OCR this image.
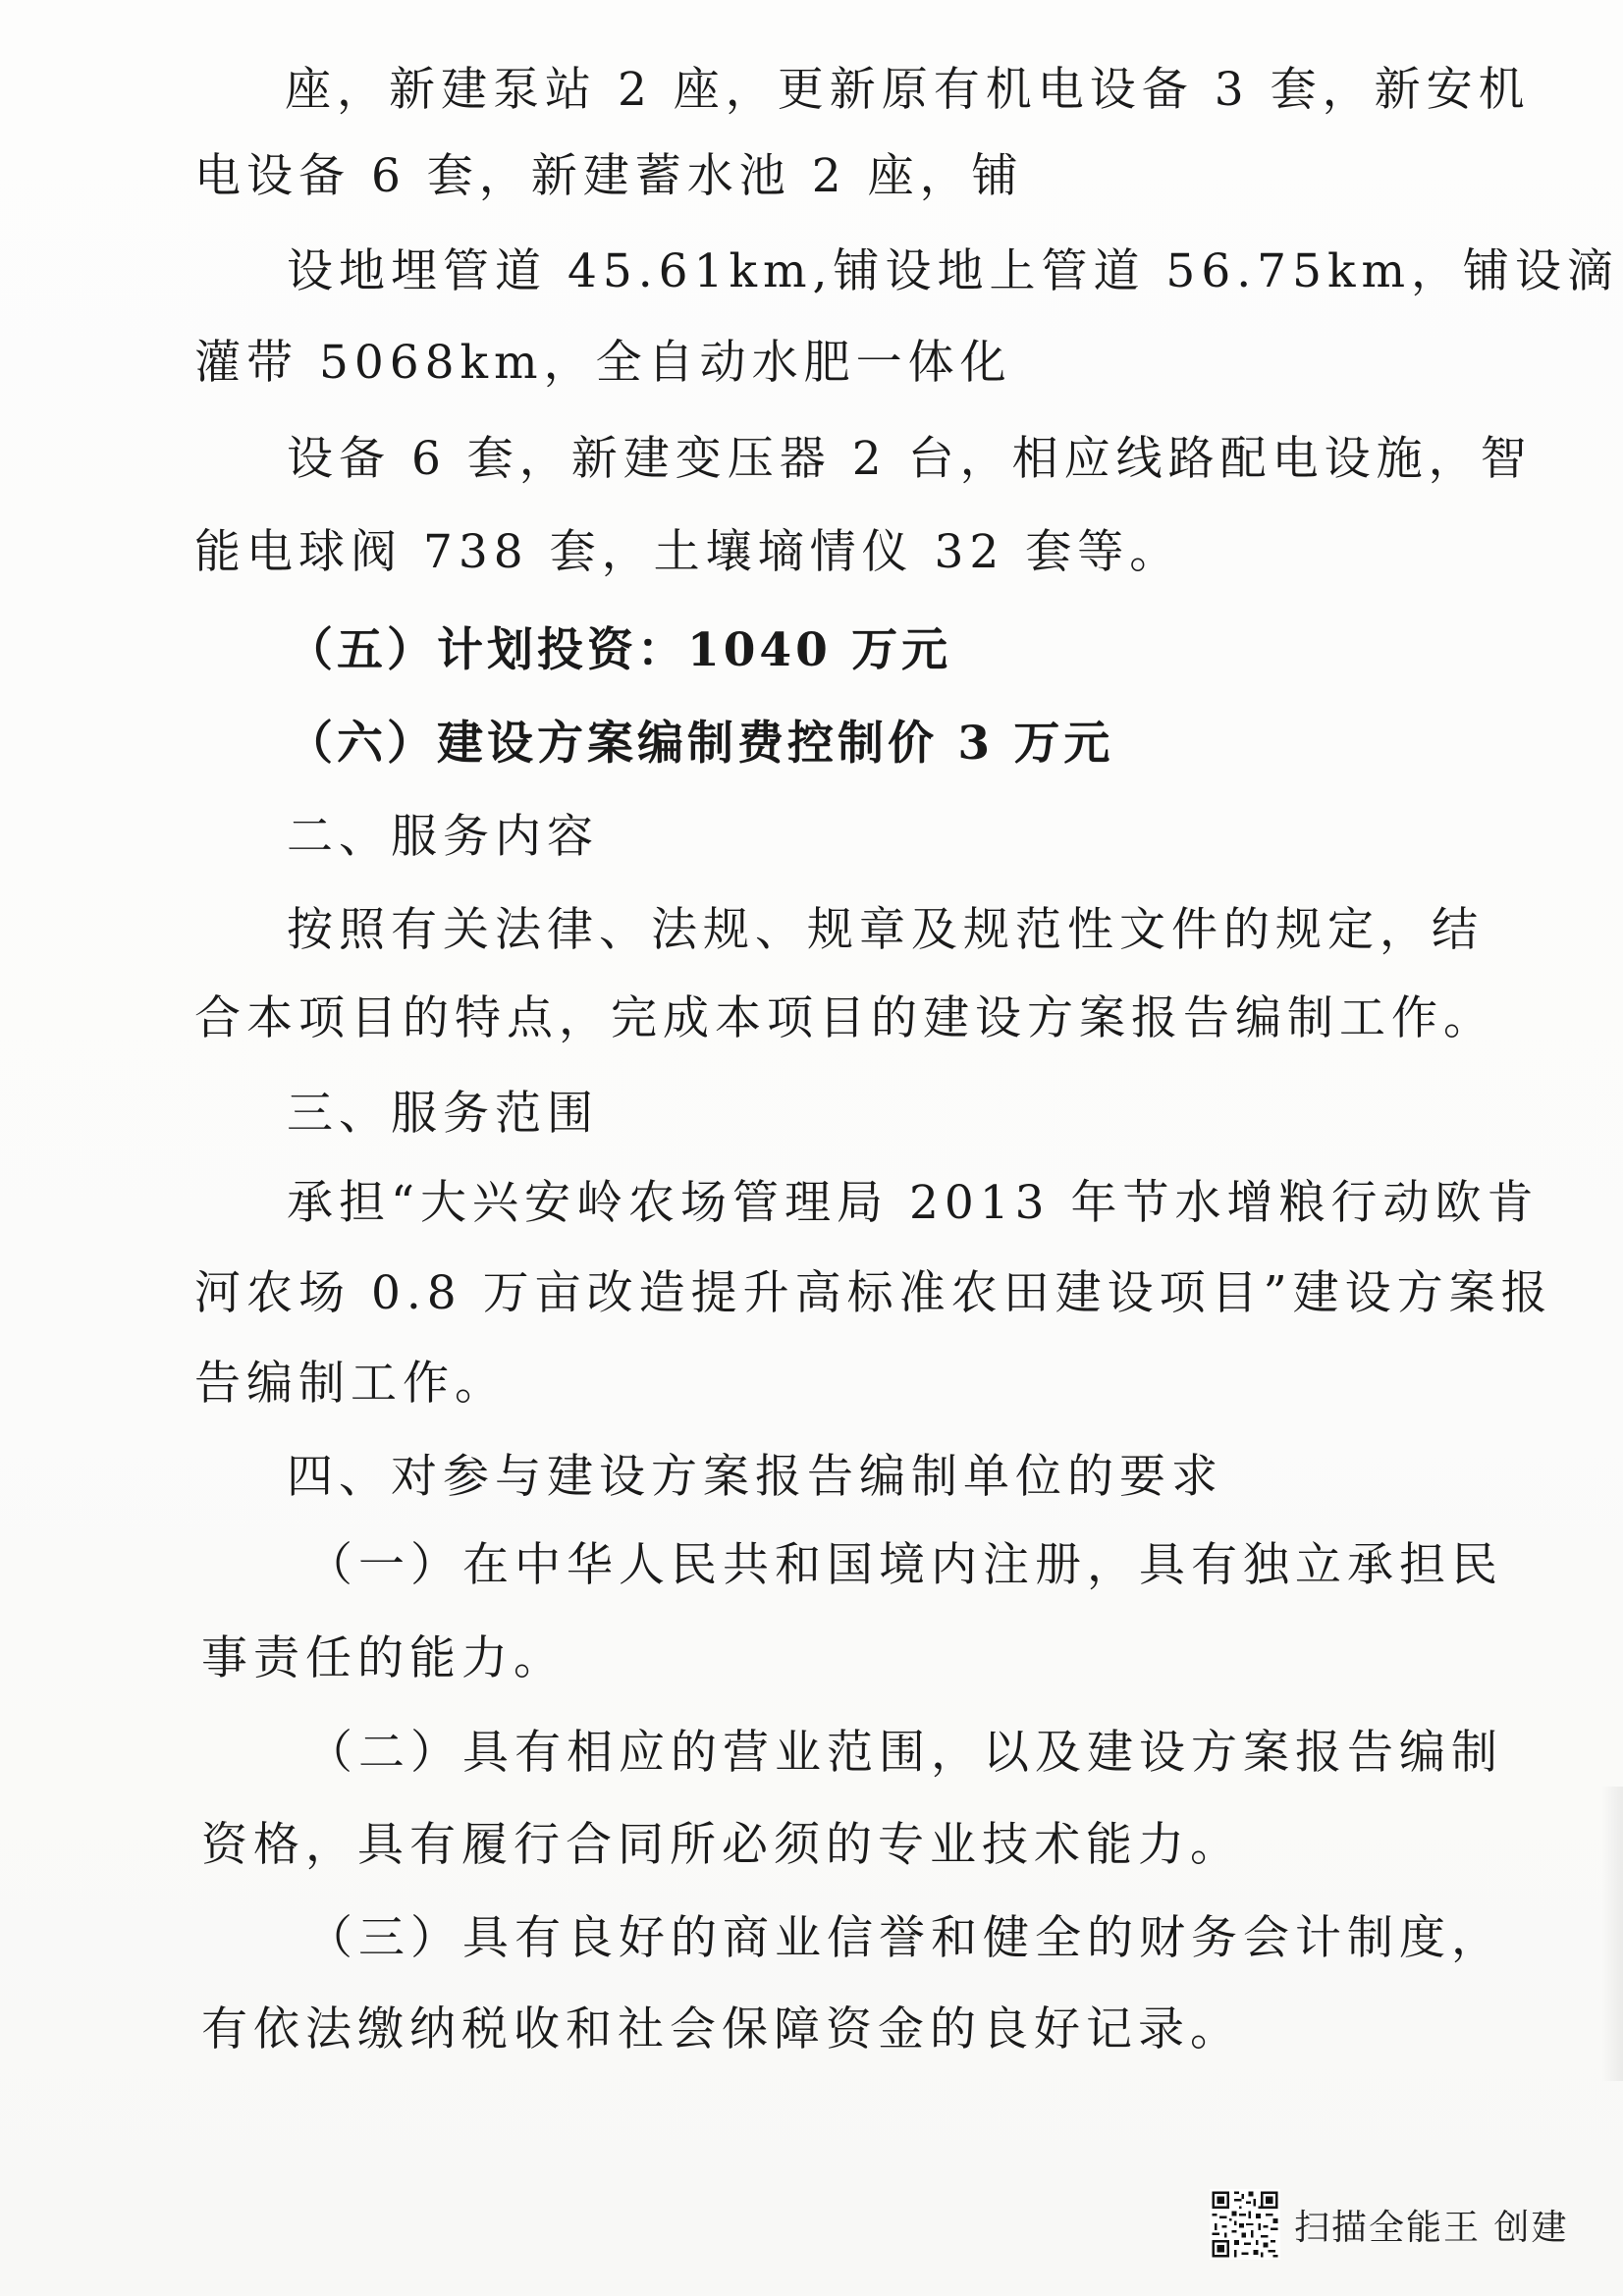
座，新建泵站 2 座，更新原有机电设备 3 套，新安机
电设备 6 套，新建蓄水池 2 座，铺
设地埋管道 45.61km,铺设地上管道 56.75km，铺设滴
灌带 5068km，全自动水肥一体化
设备 6 套，新建变压器 2 台，相应线路配电设施，智
能电球阀 738 套，土壤墒情仪 32 套等。
（五）计划投资：1040 万元
（六）建设方案编制费控制价 3 万元
二、服务内容
按照有关法律、法规、规章及规范性文件的规定，结
合本项目的特点，完成本项目的建设方案报告编制工作。
三、服务范围
承担“大兴安岭农场管理局 2013 年节水增粮行动欧肯
河农场 0.8 万亩改造提升高标准农田建设项目”建设方案报
告编制工作。
四、对参与建设方案报告编制单位的要求
（一）在中华人民共和国境内注册，具有独立承担民
事责任的能力。
（二）具有相应的营业范围，以及建设方案报告编制
资格，具有履行合同所必须的专业技术能力。
（三）具有良好的商业信誉和健全的财务会计制度，
有依法缴纳税收和社会保障资金的良好记录。
扫描全能王 创建
